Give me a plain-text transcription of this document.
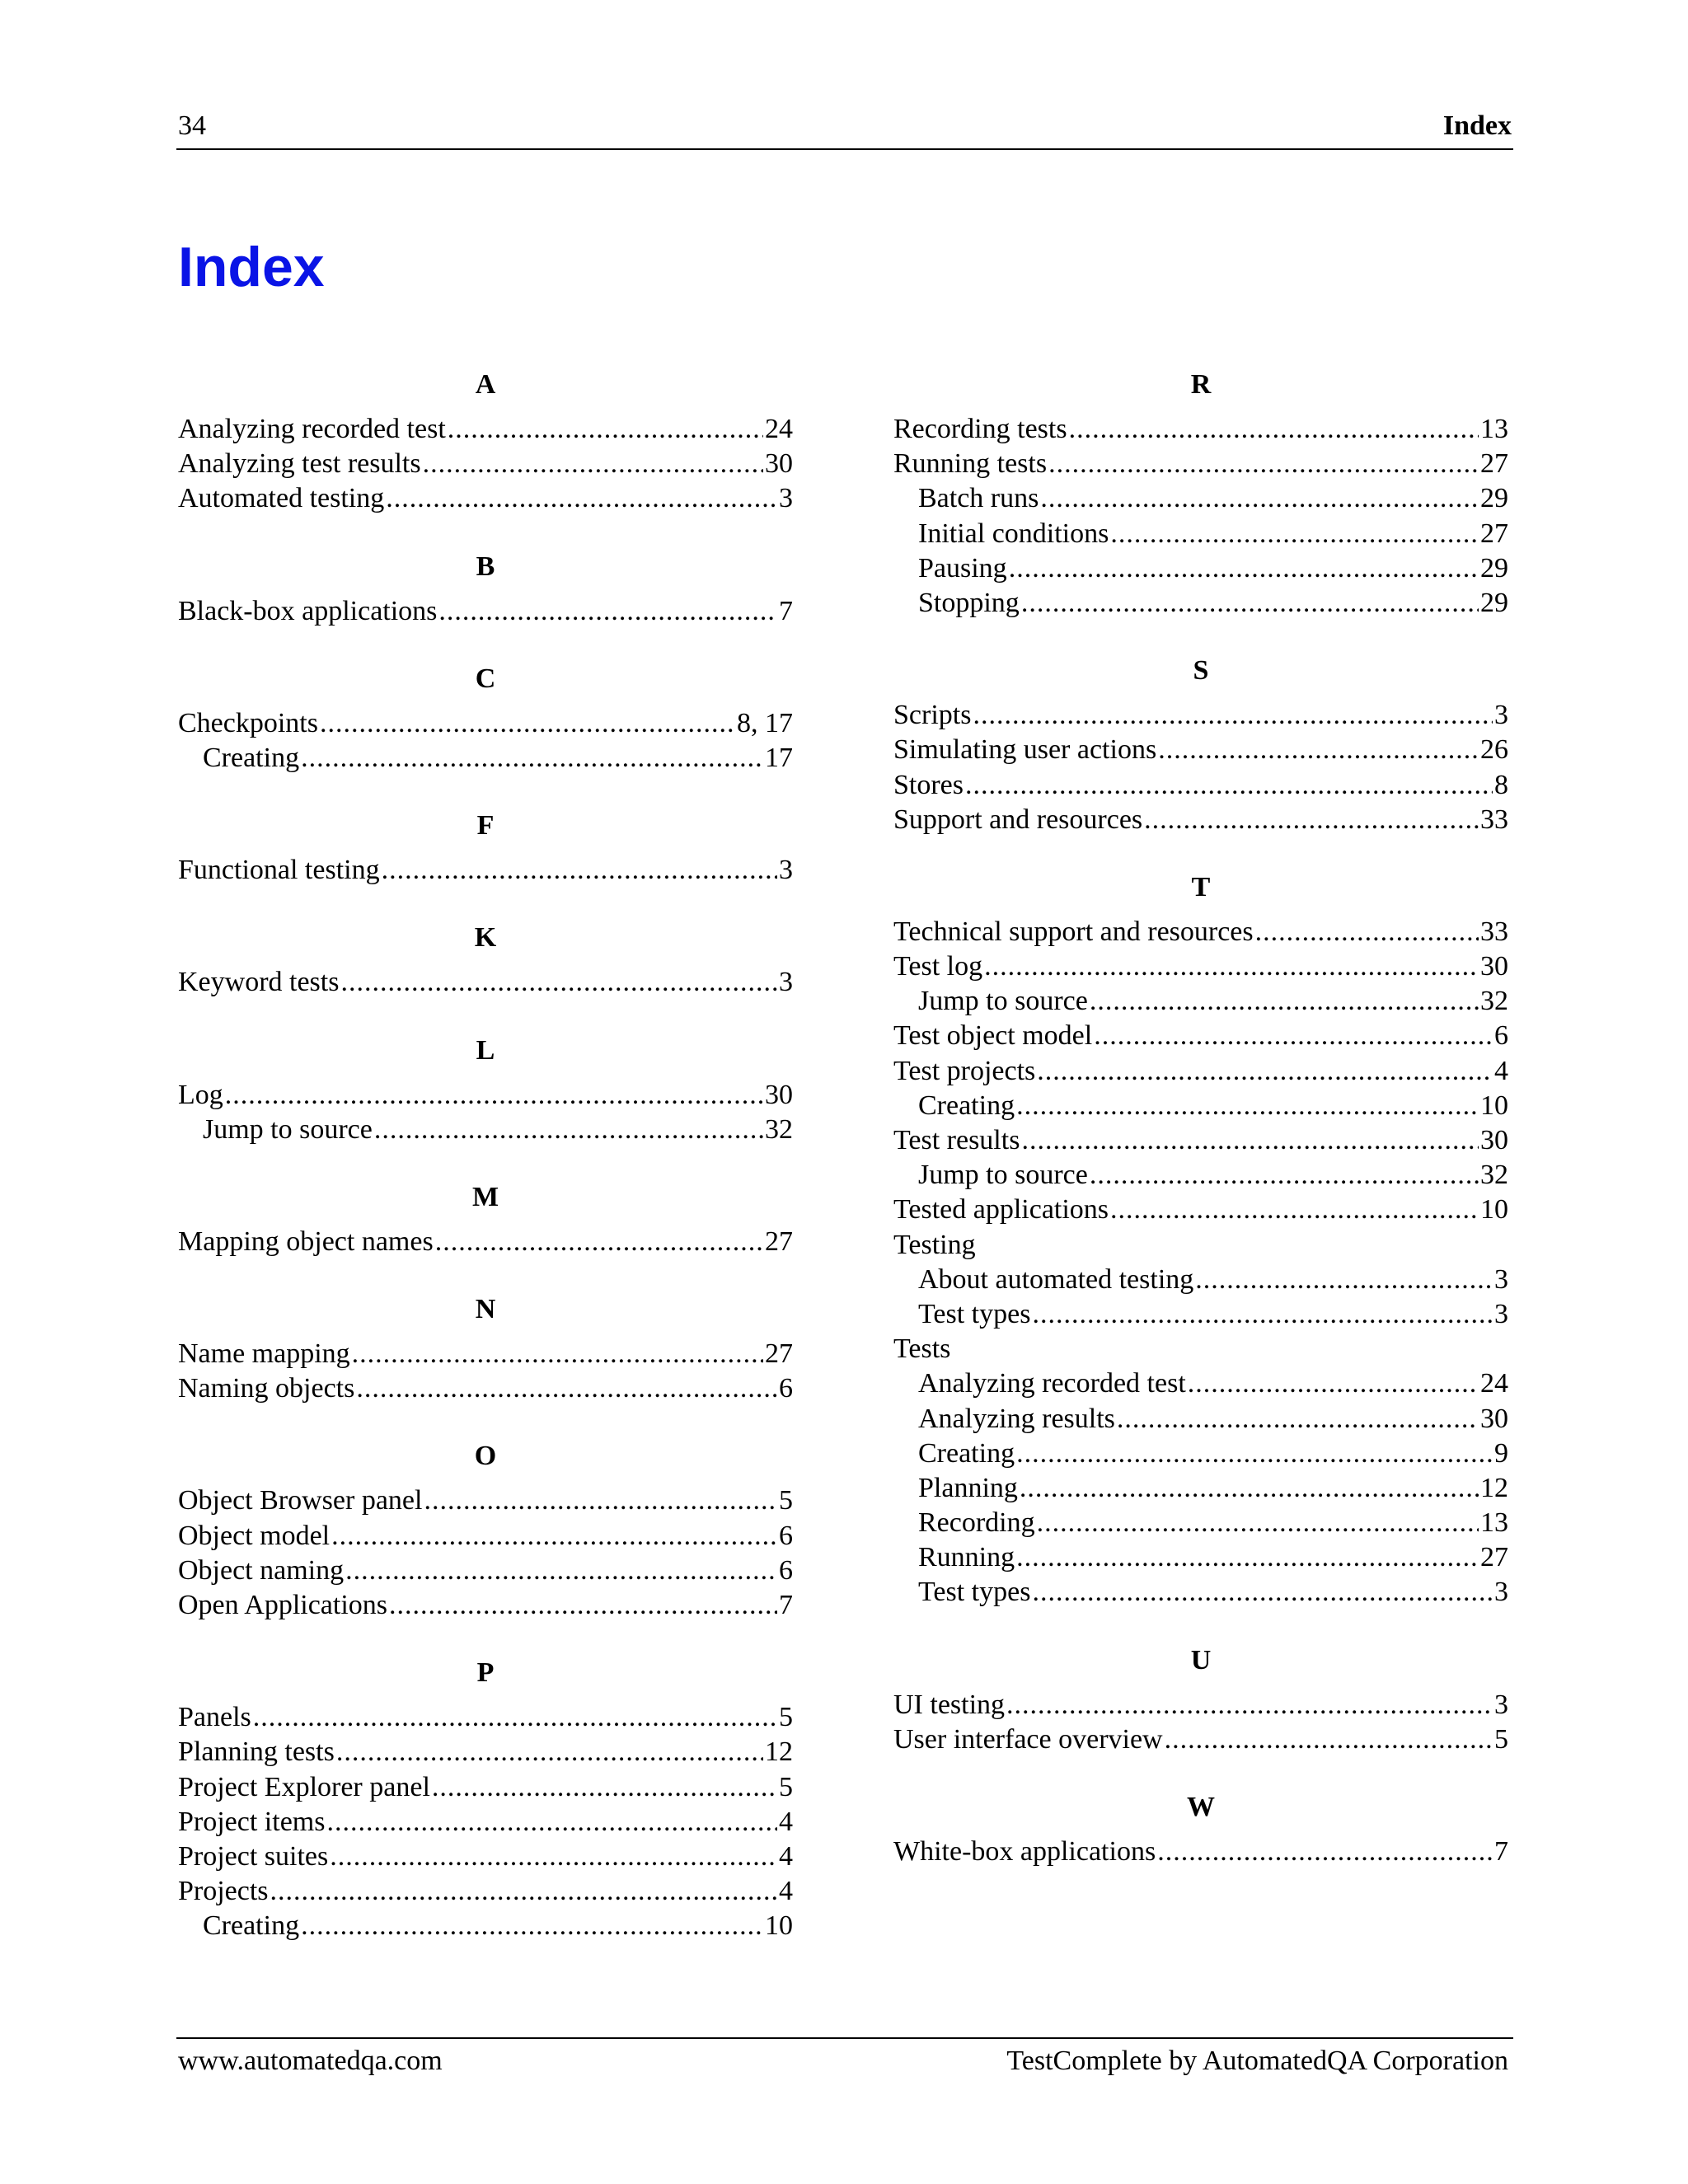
34	Index
Index
A
Analyzing recorded test .....	24
Analyzing test results .....	30
Automated testing .....	3
B
Black-box applications .....	7
C
Checkpoints .....	8, 17
Creating .....	17
F
Functional testing .....	3
K
Keyword tests .....	3
L
Log .....	30
Jump to source .....	32
M
Mapping object names .....	27
N
Name mapping .....	27
Naming objects .....	6
O
Object Browser panel .....	5
Object model .....	6
Object naming .....	6
Open Applications .....	7
P
Panels .....	5
Planning tests .....	12
Project Explorer panel .....	5
Project items .....	4
Project suites .....	4
Projects .....	4
Creating .....	10
R
Recording tests .....	13
Running tests .....	27
Batch runs .....	29
Initial conditions .....	27
Pausing .....	29
Stopping .....	29
S
Scripts .....	3
Simulating user actions .....	26
Stores .....	8
Support and resources .....	33
T
Technical support and resources .....	33
Test log .....	30
Jump to source .....	32
Test object model .....	6
Test projects .....	4
Creating .....	10
Test results .....	30
Jump to source .....	32
Tested applications .....	10
Testing
About automated testing .....	3
Test types .....	3
Tests
Analyzing recorded test .....	24
Analyzing results .....	30
Creating .....	9
Planning .....	12
Recording .....	13
Running .....	27
Test types .....	3
U
UI testing .....	3
User interface overview .....	5
W
White-box applications .....	7
www.automatedqa.com	TestComplete by AutomatedQA Corporation
